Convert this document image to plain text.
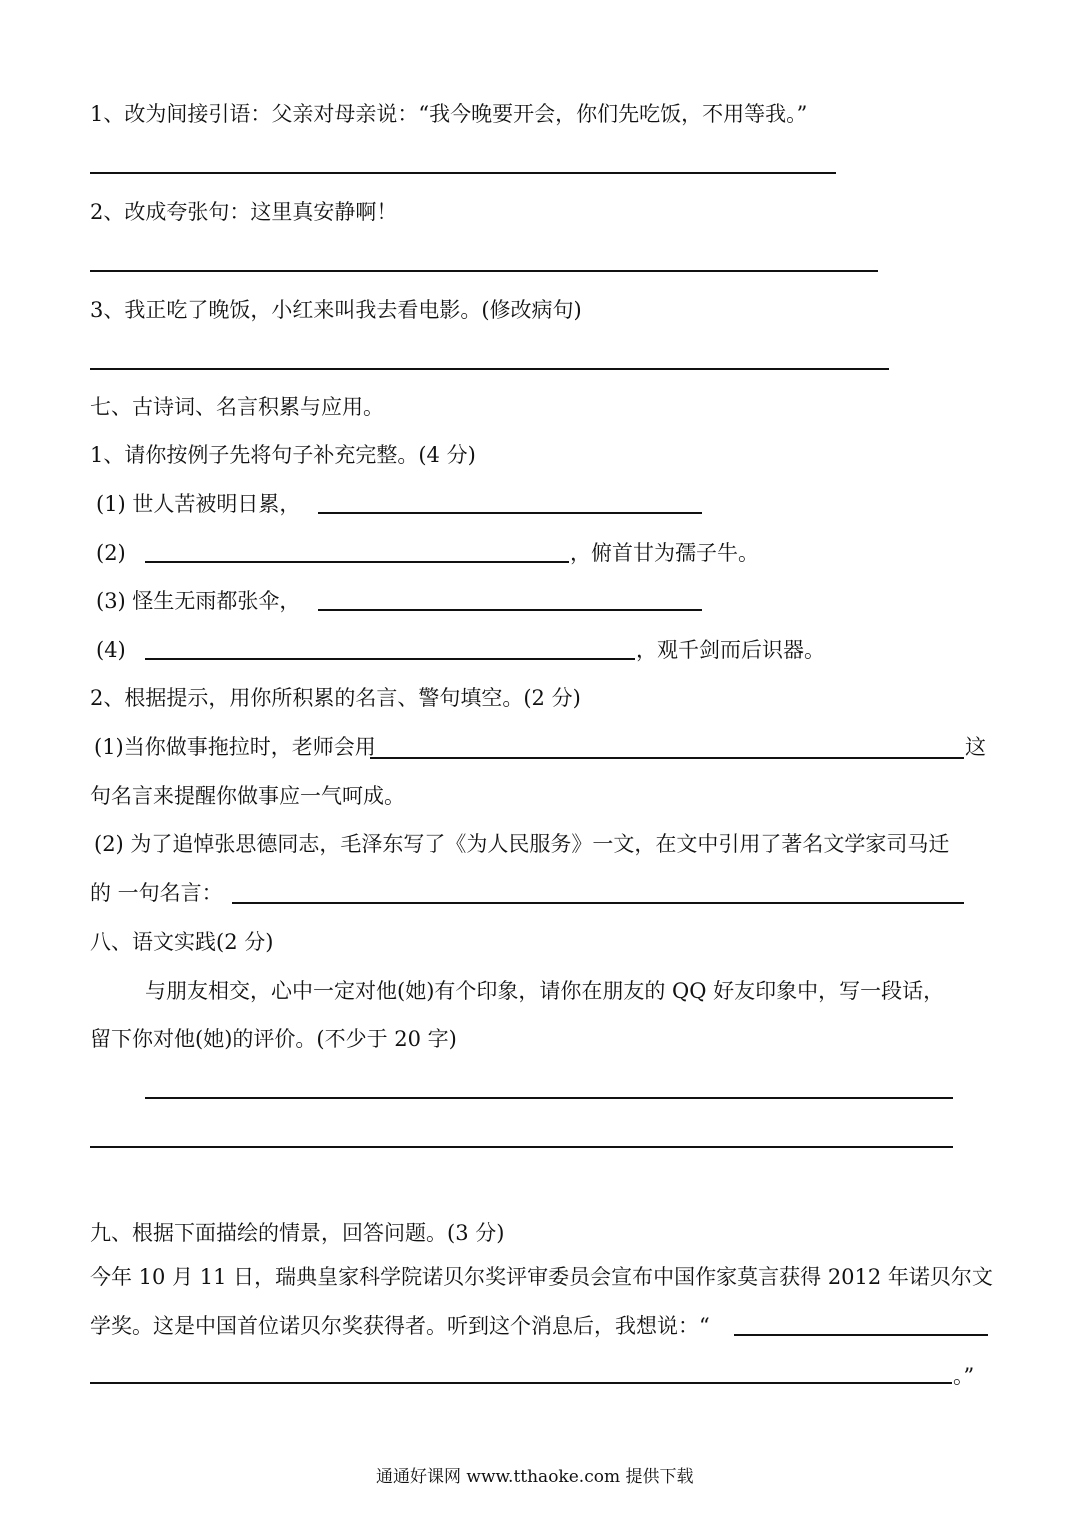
1、改为间接引语：父亲对母亲说：“我今晚要开会，你们先吃饭，不用等我。”
2、改成夸张句：这里真安静啊！
3、我正吃了晚饭，小红来叫我去看电影。(修改病句)
七、古诗词、名言积累与应用。
1、请你按例子先将句子补充完整。(4 分)
(1) 世人苦被明日累，
(2)	，俯首甘为孺子牛。
(3) 怪生无雨都张伞，
(4)	，观千剑而后识器。
2、根据提示，用你所积累的名言、警句填空。(2 分)
(1)当你做事拖拉时，老师会用	这
句名言来提醒你做事应一气呵成。
(2) 为了追悼张思德同志，毛泽东写了《为人民服务》一文，在文中引用了著名文学家司马迁
的 一句名言：
八、语文实践(2 分)
与朋友相交，心中一定对他(她)有个印象，请你在朋友的 QQ 好友印象中，写一段话，
留下你对他(她)的评价。(不少于 20 字)
九、根据下面描绘的情景，回答问题。(3 分)
今年 10 月 11 日，瑞典皇家科学院诺贝尔奖评审委员会宣布中国作家莫言获得 2012 年诺贝尔文
学奖。这是中国首位诺贝尔奖获得者。听到这个消息后，我想说：“
。”
通通好课网 www.tthaoke.com 提供下载
